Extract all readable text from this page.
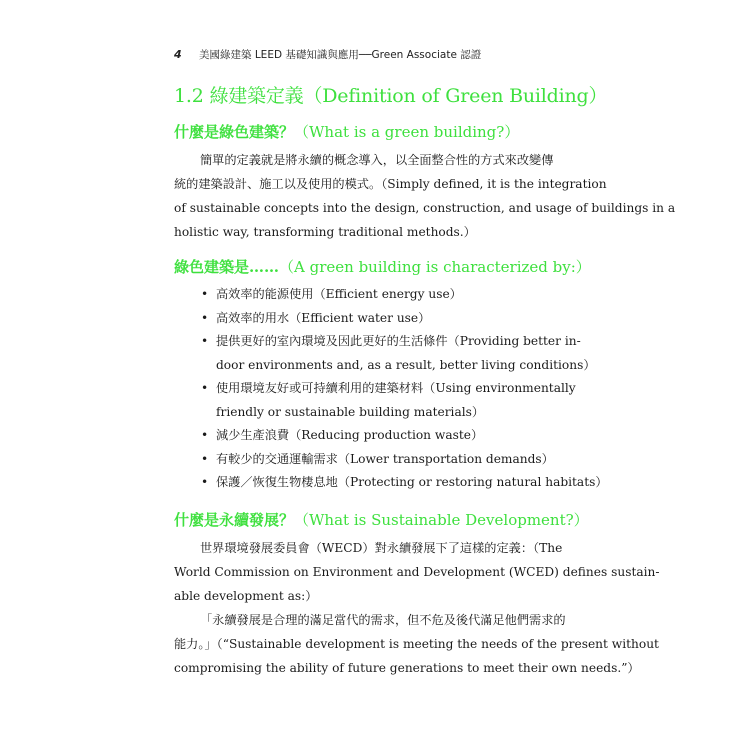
4 美國綠建築 LEED 基礎知識與應用──Green Associate 認證
1.2 綠建築定義（Definition of Green Building）
什麼是綠色建築？（What is a green building?）
簡單的定義就是將永續的概念導入，以全面整合性的方式來改變傳
統的建築設計、施工以及使用的模式。（Simply defined, it is the integration
of sustainable concepts into the design, construction, and usage of buildings in a
holistic way, transforming traditional methods.）
綠色建築是……（A green building is characterized by:）
• 高效率的能源使用（Efficient energy use）
• 高效率的用水（Efficient water use）
• 提供更好的室內環境及因此更好的生活條件（Providing better in-
door environments and, as a result, better living conditions）
• 使用環境友好或可持續利用的建築材料（Using environmentally
friendly or sustainable building materials）
• 減少生產浪費（Reducing production waste）
• 有較少的交通運輸需求（Lower transportation demands）
• 保護／恢復生物棲息地（Protecting or restoring natural habitats）
什麼是永續發展？（What is Sustainable Development?）
世界環境發展委員會（WECD）對永續發展下了這樣的定義：（The
World Commission on Environment and Development (WCED) defines sustain-
able development as:）
「永續發展是合理的滿足當代的需求，但不危及後代滿足他們需求的
能力。」（“Sustainable development is meeting the needs of the present without
compromising the ability of future generations to meet their own needs.”）
